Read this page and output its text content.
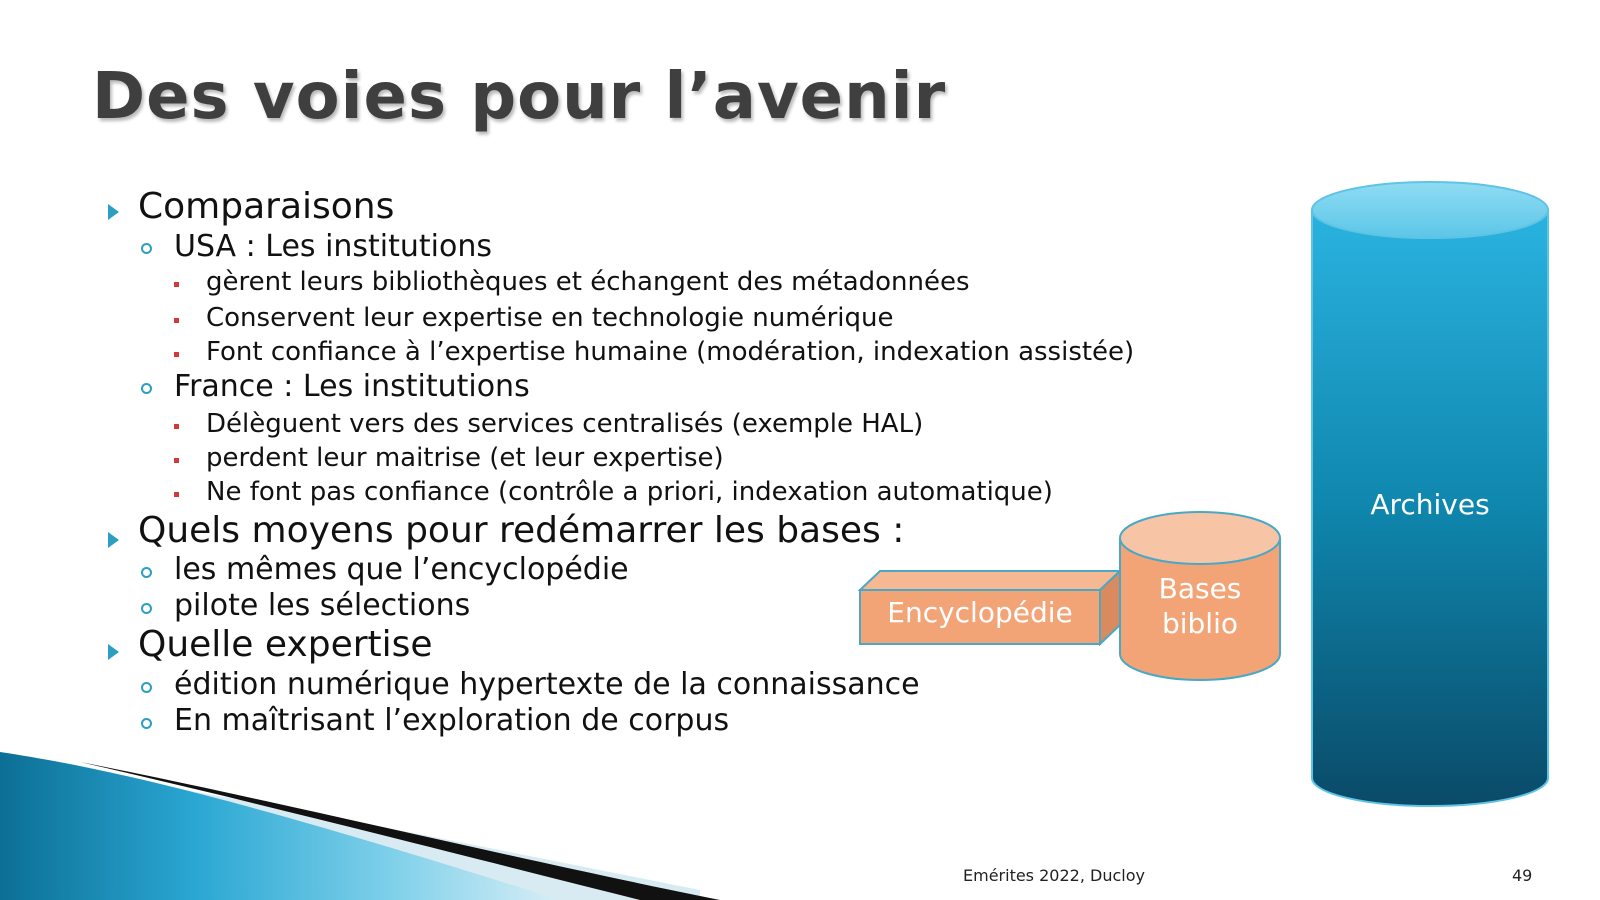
Des voies pour l’avenir
Comparaisons
USA : Les institutions
gèrent leurs bibliothèques et échangent des métadonnées
Conservent leur expertise en technologie numérique
Font confiance à l’expertise humaine (modération, indexation assistée)
France : Les institutions
Délèguent vers des services centralisés (exemple HAL)
perdent leur maitrise (et leur expertise)
Ne font pas confiance (contrôle a priori, indexation automatique)
Quels moyens pour redémarrer les bases :
les mêmes que l’encyclopédie
pilote les sélections
Quelle expertise
édition numérique hypertexte de la connaissance
En maîtrisant l’exploration de corpus
Archives
Encyclopédie
Bases
biblio
Emérites 2022, Ducloy	49
